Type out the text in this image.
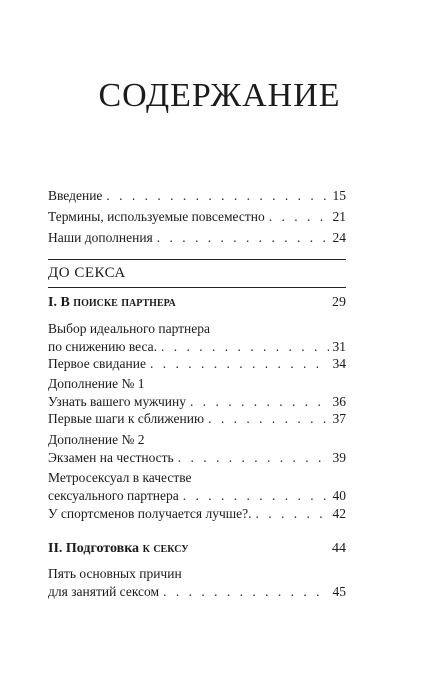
СОДЕРЖАНИЕ
Введение . . .	15
Термины, используемые повсеместно . . .	21
Наши дополнения . . .	24
ДО СЕКСА
I. В поиске партнера	29
Выбор идеального партнера
по снижению веса. . . .	31
Первое свидание . . .	34
Дополнение № 1
Узнать вашего мужчину . . .	36
Первые шаги к сближению . . .	37
Дополнение № 2
Экзамен на честность . . .	39
Метросексуал в качестве
сексуального партнера . . .	40
У спортсменов получается лучше?. . . .	42
II. Подготовка к сексу	44
Пять основных причин
для занятий сексом . . .	45
